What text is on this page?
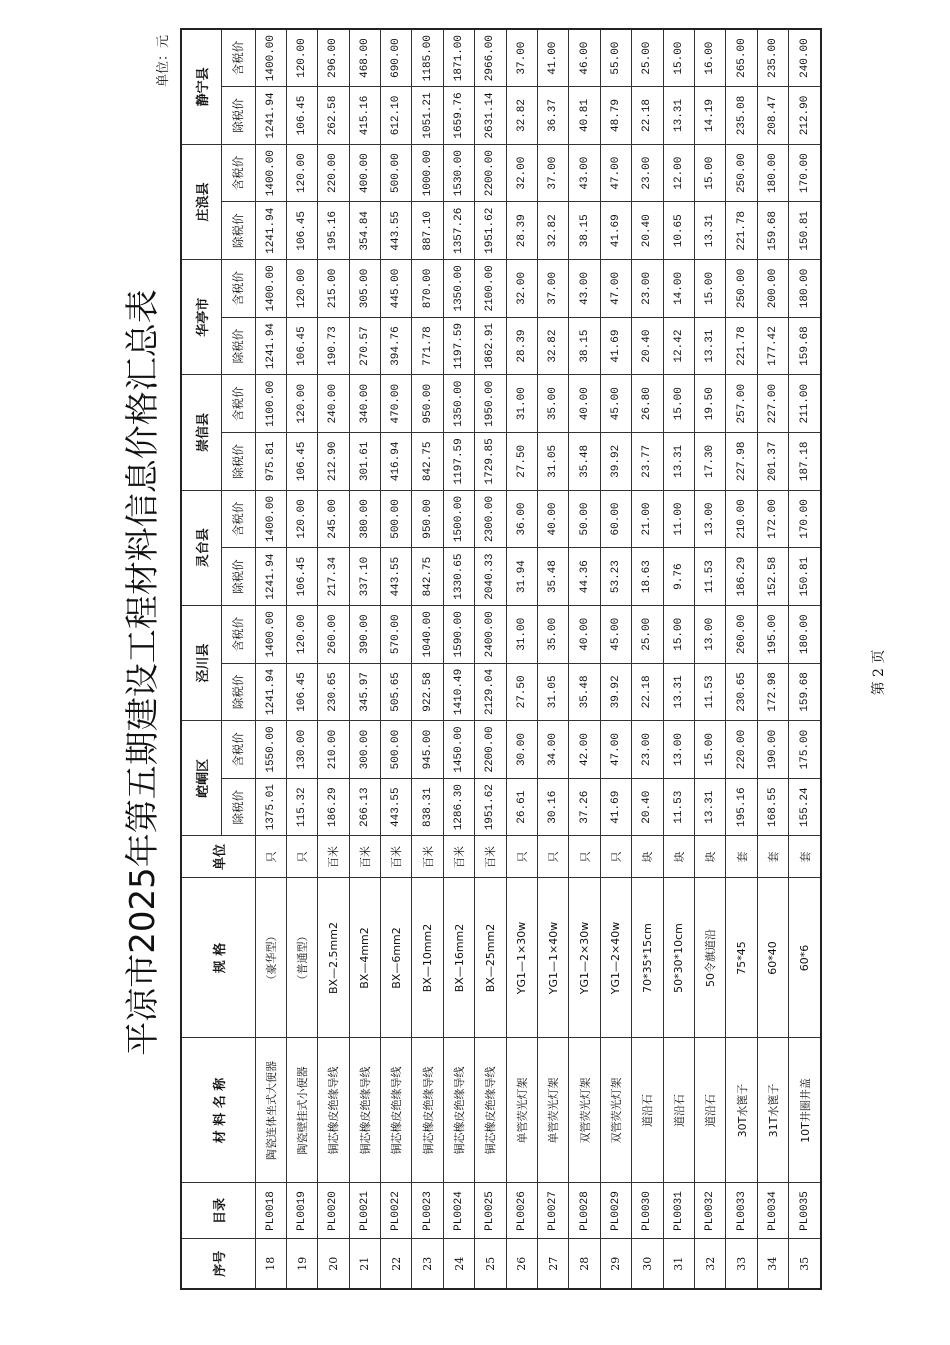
平凉市2025年第五期建设工程材料信息价格汇总表
单位：元
序号	目录	材 料 名 称	规 格	单位	崆峒区		泾川县		灵台县		崇信县		华亭市		庄浪县		静宁县	
					除税价	含税价	除税价	含税价	除税价	含税价	除税价	含税价	除税价	含税价	除税价	含税价	除税价	含税价
18	PL0018	陶瓷连体坐式大便器	（豪华型）	只	1375.01	1550.00	1241.94	1400.00	1241.94	1400.00	975.81	1100.00	1241.94	1400.00	1241.94	1400.00	1241.94	1400.00
19	PL0019	陶瓷壁挂式小便器	（普通型）	只	115.32	130.00	106.45	120.00	106.45	120.00	106.45	120.00	106.45	120.00	106.45	120.00	106.45	120.00
20	PL0020	铜芯橡皮绝缘导线	BX—2.5mm2	百米	186.29	210.00	230.65	260.00	217.34	245.00	212.90	240.00	190.73	215.00	195.16	220.00	262.58	296.00
21	PL0021	铜芯橡皮绝缘导线	BX—4mm2	百米	266.13	300.00	345.97	390.00	337.10	380.00	301.61	340.00	270.57	305.00	354.84	400.00	415.16	468.00
22	PL0022	铜芯橡皮绝缘导线	BX—6mm2	百米	443.55	500.00	505.65	570.00	443.55	500.00	416.94	470.00	394.76	445.00	443.55	500.00	612.10	690.00
23	PL0023	铜芯橡皮绝缘导线	BX—10mm2	百米	838.31	945.00	922.58	1040.00	842.75	950.00	842.75	950.00	771.78	870.00	887.10	1000.00	1051.21	1185.00
24	PL0024	铜芯橡皮绝缘导线	BX—16mm2	百米	1286.30	1450.00	1410.49	1590.00	1330.65	1500.00	1197.59	1350.00	1197.59	1350.00	1357.26	1530.00	1659.76	1871.00
25	PL0025	铜芯橡皮绝缘导线	BX—25mm2	百米	1951.62	2200.00	2129.04	2400.00	2040.33	2300.00	1729.85	1950.00	1862.91	2100.00	1951.62	2200.00	2631.14	2966.00
26	PL0026	单管荧光灯架	YG1—1×30w	只	26.61	30.00	27.50	31.00	31.94	36.00	27.50	31.00	28.39	32.00	28.39	32.00	32.82	37.00
27	PL0027	单管荧光灯架	YG1—1×40w	只	30.16	34.00	31.05	35.00	35.48	40.00	31.05	35.00	32.82	37.00	32.82	37.00	36.37	41.00
28	PL0028	双管荧光灯架	YG1—2×30w	只	37.26	42.00	35.48	40.00	44.36	50.00	35.48	40.00	38.15	43.00	38.15	43.00	40.81	46.00
29	PL0029	双管荧光灯架	YG1—2×40w	只	41.69	47.00	39.92	45.00	53.23	60.00	39.92	45.00	41.69	47.00	41.69	47.00	48.79	55.00
30	PL0030	道沿石	70*35*15cm	块	20.40	23.00	22.18	25.00	18.63	21.00	23.77	26.80	20.40	23.00	20.40	23.00	22.18	25.00
31	PL0031	道沿石	50*30*10cm	块	11.53	13.00	13.31	15.00	9.76	11.00	13.31	15.00	12.42	14.00	10.65	12.00	13.31	15.00
32	PL0032	道沿石	50令旗道沿	块	13.31	15.00	11.53	13.00	11.53	13.00	17.30	19.50	13.31	15.00	13.31	15.00	14.19	16.00
33	PL0033	30T水篦子	75*45	套	195.16	220.00	230.65	260.00	186.29	210.00	227.98	257.00	221.78	250.00	221.78	250.00	235.08	265.00
34	PL0034	31T水篦子	60*40	套	168.55	190.00	172.98	195.00	152.58	172.00	201.37	227.00	177.42	200.00	159.68	180.00	208.47	235.00
35	PL0035	10T井圈井盖	60*6	套	155.24	175.00	159.68	180.00	150.81	170.00	187.18	211.00	159.68	180.00	150.81	170.00	212.90	240.00
第 2 页
